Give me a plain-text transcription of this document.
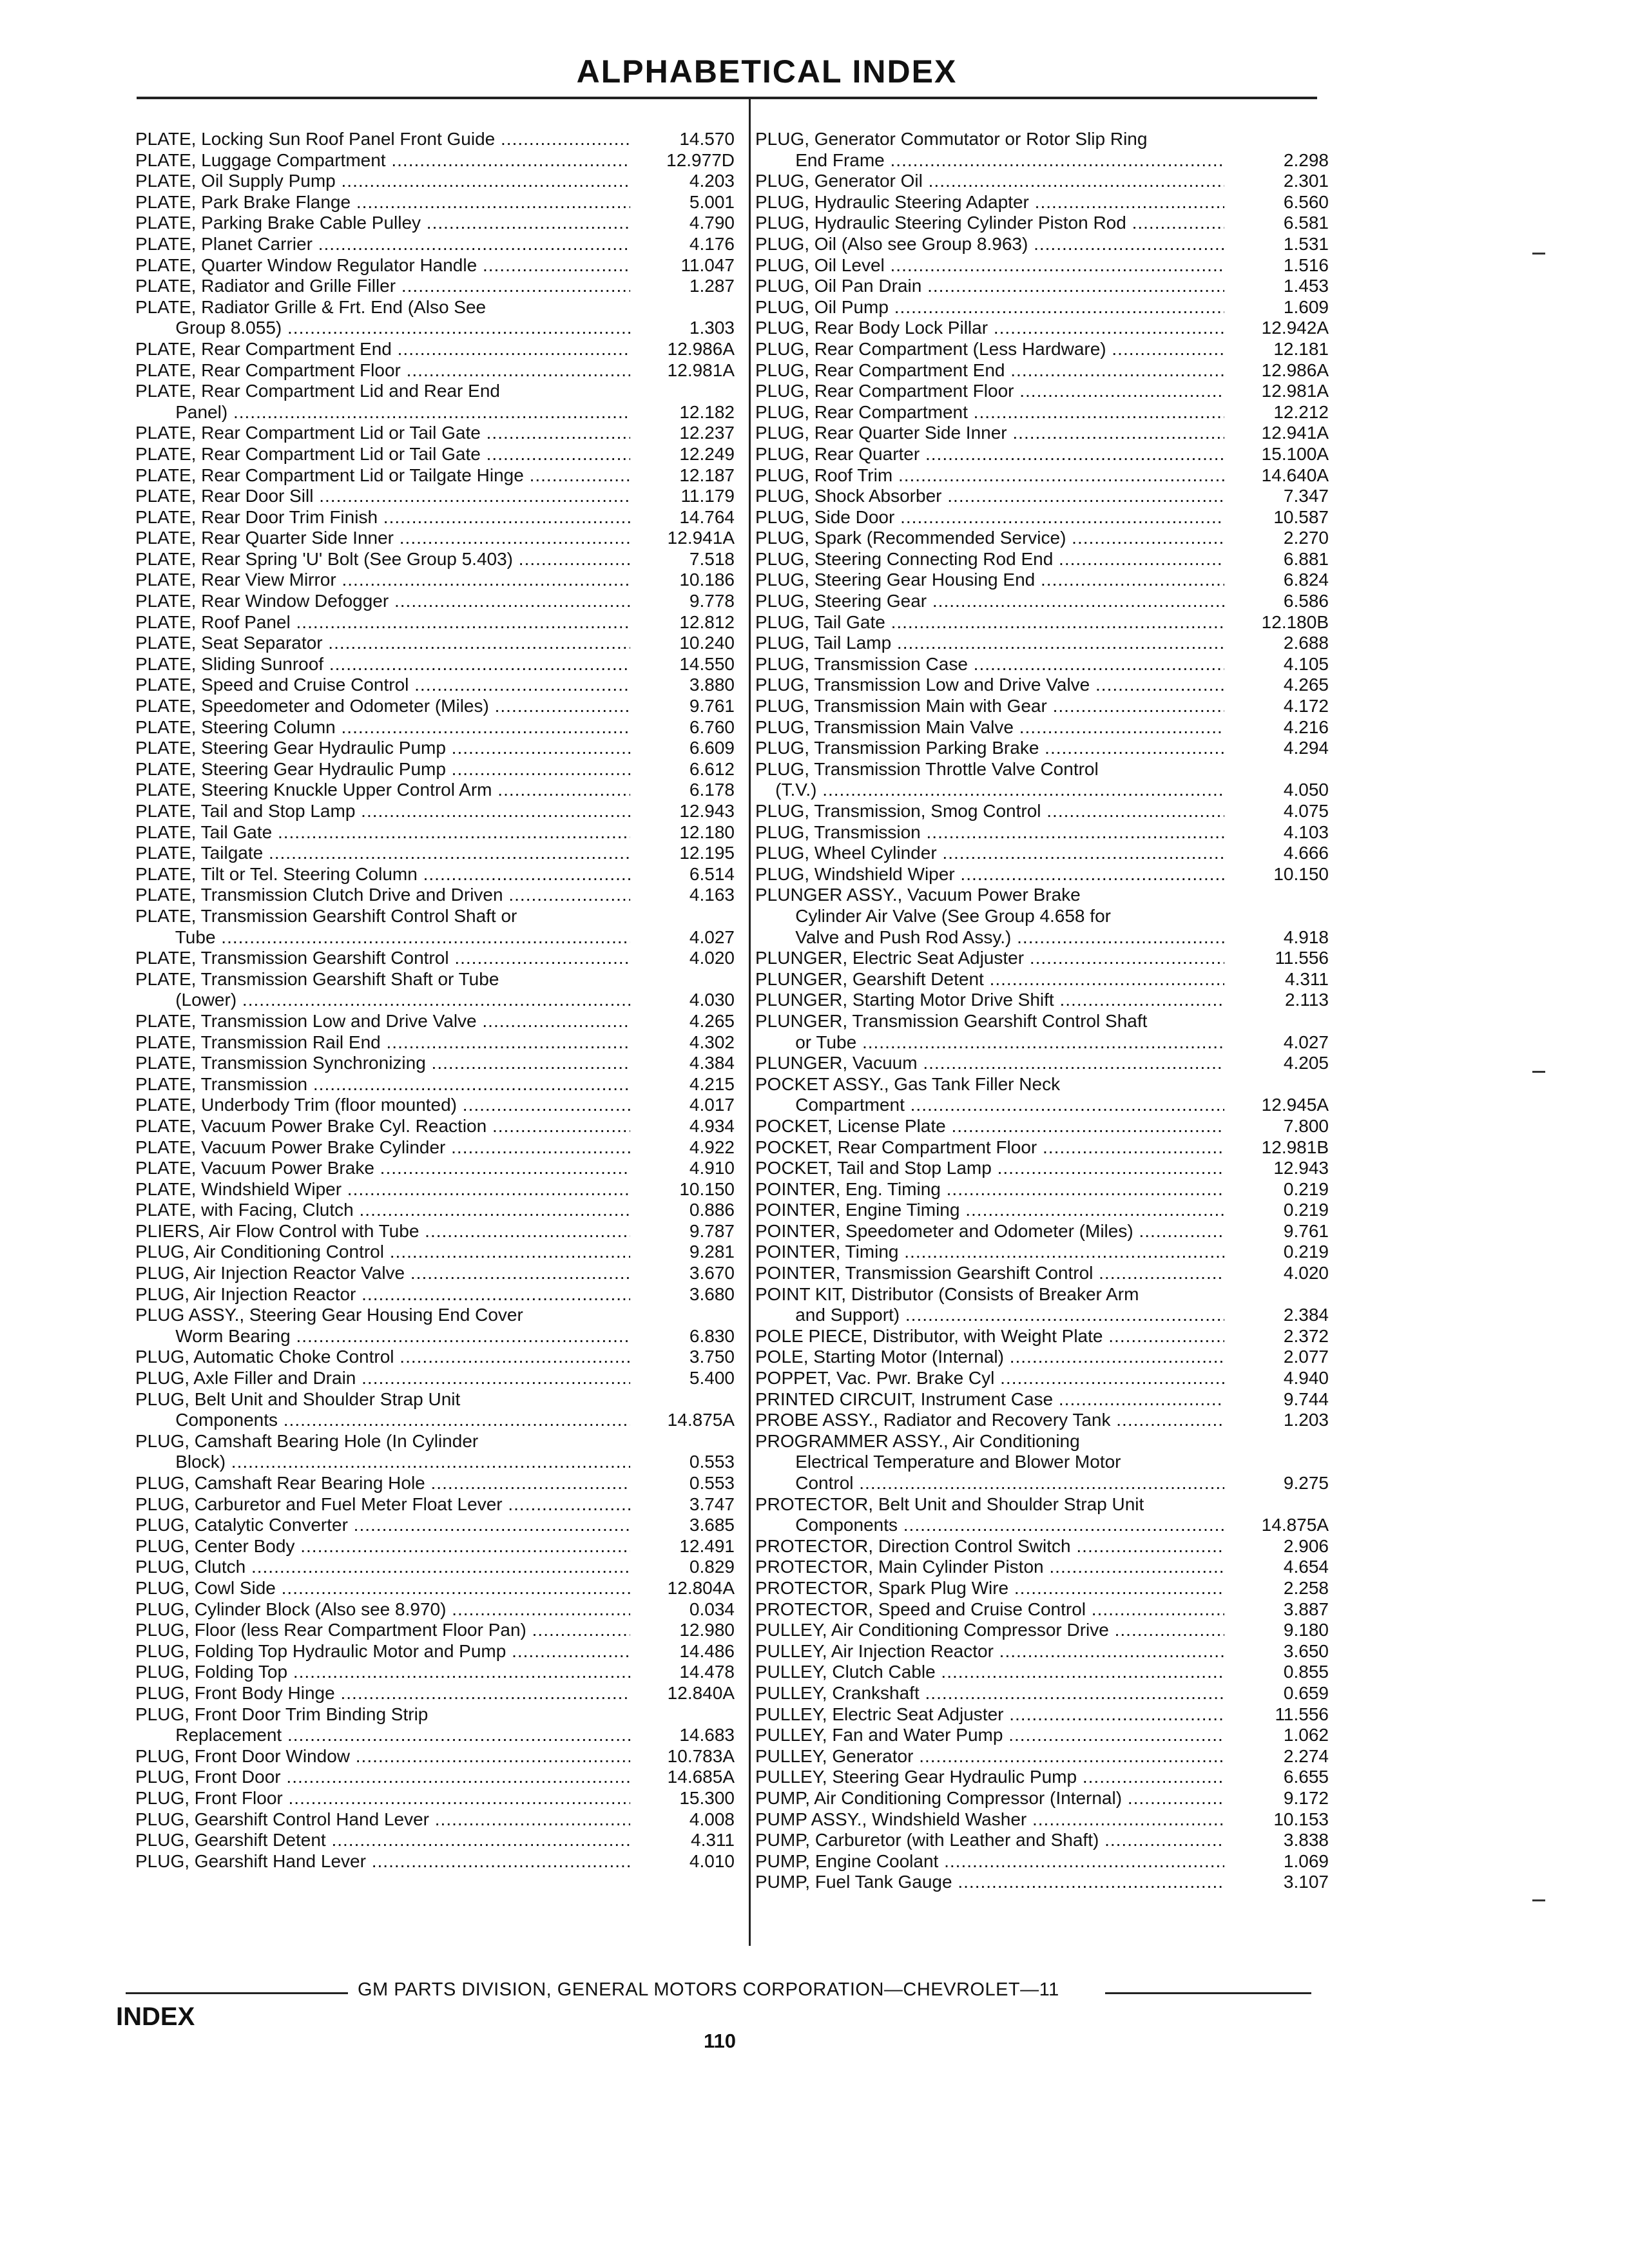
ALPHABETICAL INDEX
PLATE, Locking Sun Roof Panel Front Guide .....	14.570
PLATE, Luggage Compartment .....	12.977D
PLATE, Oil Supply Pump .....	4.203
PLATE, Park Brake Flange .....	5.001
PLATE, Parking Brake Cable Pulley .....	4.790
PLATE, Planet Carrier .....	4.176
PLATE, Quarter Window Regulator Handle .....	11.047
PLATE, Radiator and Grille Filler .....	1.287
PLATE, Radiator Grille & Frt. End (Also See
Group 8.055) .....	1.303
PLATE, Rear Compartment End .....	12.986A
PLATE, Rear Compartment Floor .....	12.981A
PLATE, Rear Compartment Lid and Rear End
Panel) .....	12.182
PLATE, Rear Compartment Lid or Tail Gate .....	12.237
PLATE, Rear Compartment Lid or Tail Gate .....	12.249
PLATE, Rear Compartment Lid or Tailgate Hinge .....	12.187
PLATE, Rear Door Sill .....	11.179
PLATE, Rear Door Trim Finish .....	14.764
PLATE, Rear Quarter Side Inner .....	12.941A
PLATE, Rear Spring 'U' Bolt (See Group 5.403) .....	7.518
PLATE, Rear View Mirror .....	10.186
PLATE, Rear Window Defogger .....	9.778
PLATE, Roof Panel .....	12.812
PLATE, Seat Separator .....	10.240
PLATE, Sliding Sunroof .....	14.550
PLATE, Speed and Cruise Control .....	3.880
PLATE, Speedometer and Odometer (Miles) .....	9.761
PLATE, Steering Column .....	6.760
PLATE, Steering Gear Hydraulic Pump .....	6.609
PLATE, Steering Gear Hydraulic Pump .....	6.612
PLATE, Steering Knuckle Upper Control Arm .....	6.178
PLATE, Tail and Stop Lamp .....	12.943
PLATE, Tail Gate .....	12.180
PLATE, Tailgate .....	12.195
PLATE, Tilt or Tel. Steering Column .....	6.514
PLATE, Transmission Clutch Drive and Driven .....	4.163
PLATE, Transmission Gearshift Control Shaft or
Tube .....	4.027
PLATE, Transmission Gearshift Control .....	4.020
PLATE, Transmission Gearshift Shaft or Tube
(Lower) .....	4.030
PLATE, Transmission Low and Drive Valve .....	4.265
PLATE, Transmission Rail End .....	4.302
PLATE, Transmission Synchronizing .....	4.384
PLATE, Transmission .....	4.215
PLATE, Underbody Trim (floor mounted) .....	4.017
PLATE, Vacuum Power Brake Cyl. Reaction .....	4.934
PLATE, Vacuum Power Brake Cylinder .....	4.922
PLATE, Vacuum Power Brake .....	4.910
PLATE, Windshield Wiper .....	10.150
PLATE, with Facing, Clutch .....	0.886
PLIERS, Air Flow Control with Tube .....	9.787
PLUG, Air Conditioning Control .....	9.281
PLUG, Air Injection Reactor Valve .....	3.670
PLUG, Air Injection Reactor .....	3.680
PLUG ASSY., Steering Gear Housing End Cover
Worm Bearing .....	6.830
PLUG, Automatic Choke Control .....	3.750
PLUG, Axle Filler and Drain .....	5.400
PLUG, Belt Unit and Shoulder Strap Unit
Components .....	14.875A
PLUG, Camshaft Bearing Hole (In Cylinder
Block) .....	0.553
PLUG, Camshaft Rear Bearing Hole .....	0.553
PLUG, Carburetor and Fuel Meter Float Lever .....	3.747
PLUG, Catalytic Converter .....	3.685
PLUG, Center Body .....	12.491
PLUG, Clutch .....	0.829
PLUG, Cowl Side .....	12.804A
PLUG, Cylinder Block (Also see 8.970) .....	0.034
PLUG, Floor (less Rear Compartment Floor Pan) .....	12.980
PLUG, Folding Top Hydraulic Motor and Pump .....	14.486
PLUG, Folding Top .....	14.478
PLUG, Front Body Hinge .....	12.840A
PLUG, Front Door Trim Binding Strip
Replacement .....	14.683
PLUG, Front Door Window .....	10.783A
PLUG, Front Door .....	14.685A
PLUG, Front Floor .....	15.300
PLUG, Gearshift Control Hand Lever .....	4.008
PLUG, Gearshift Detent .....	4.311
PLUG, Gearshift Hand Lever .....	4.010
PLUG, Generator Commutator or Rotor Slip Ring
End Frame .....	2.298
PLUG, Generator Oil .....	2.301
PLUG, Hydraulic Steering Adapter .....	6.560
PLUG, Hydraulic Steering Cylinder Piston Rod .....	6.581
PLUG, Oil (Also see Group 8.963) .....	1.531
PLUG, Oil Level .....	1.516
PLUG, Oil Pan Drain .....	1.453
PLUG, Oil Pump .....	1.609
PLUG, Rear Body Lock Pillar .....	12.942A
PLUG, Rear Compartment (Less Hardware) .....	12.181
PLUG, Rear Compartment End .....	12.986A
PLUG, Rear Compartment Floor .....	12.981A
PLUG, Rear Compartment .....	12.212
PLUG, Rear Quarter Side Inner .....	12.941A
PLUG, Rear Quarter .....	15.100A
PLUG, Roof Trim .....	14.640A
PLUG, Shock Absorber .....	7.347
PLUG, Side Door .....	10.587
PLUG, Spark (Recommended Service) .....	2.270
PLUG, Steering Connecting Rod End .....	6.881
PLUG, Steering Gear Housing End .....	6.824
PLUG, Steering Gear .....	6.586
PLUG, Tail Gate .....	12.180B
PLUG, Tail Lamp .....	2.688
PLUG, Transmission Case .....	4.105
PLUG, Transmission Low and Drive Valve .....	4.265
PLUG, Transmission Main with Gear .....	4.172
PLUG, Transmission Main Valve .....	4.216
PLUG, Transmission Parking Brake .....	4.294
PLUG, Transmission Throttle Valve Control
(T.V.) .....	4.050
PLUG, Transmission, Smog Control .....	4.075
PLUG, Transmission .....	4.103
PLUG, Wheel Cylinder .....	4.666
PLUG, Windshield Wiper .....	10.150
PLUNGER ASSY., Vacuum Power Brake
Cylinder Air Valve (See Group 4.658 for
Valve and Push Rod Assy.) .....	4.918
PLUNGER, Electric Seat Adjuster .....	11.556
PLUNGER, Gearshift Detent .....	4.311
PLUNGER, Starting Motor Drive Shift .....	2.113
PLUNGER, Transmission Gearshift Control Shaft
or Tube .....	4.027
PLUNGER, Vacuum .....	4.205
POCKET ASSY., Gas Tank Filler Neck
Compartment .....	12.945A
POCKET, License Plate .....	7.800
POCKET, Rear Compartment Floor .....	12.981B
POCKET, Tail and Stop Lamp .....	12.943
POINTER, Eng. Timing .....	0.219
POINTER, Engine Timing .....	0.219
POINTER, Speedometer and Odometer (Miles) .....	9.761
POINTER, Timing .....	0.219
POINTER, Transmission Gearshift Control .....	4.020
POINT KIT, Distributor (Consists of Breaker Arm
and Support) .....	2.384
POLE PIECE, Distributor, with Weight Plate .....	2.372
POLE, Starting Motor (Internal) .....	2.077
POPPET, Vac. Pwr. Brake Cyl .....	4.940
PRINTED CIRCUIT, Instrument Case .....	9.744
PROBE ASSY., Radiator and Recovery Tank .....	1.203
PROGRAMMER ASSY., Air Conditioning
Electrical Temperature and Blower Motor
Control .....	9.275
PROTECTOR, Belt Unit and Shoulder Strap Unit
Components .....	14.875A
PROTECTOR, Direction Control Switch .....	2.906
PROTECTOR, Main Cylinder Piston .....	4.654
PROTECTOR, Spark Plug Wire .....	2.258
PROTECTOR, Speed and Cruise Control .....	3.887
PULLEY, Air Conditioning Compressor Drive .....	9.180
PULLEY, Air Injection Reactor .....	3.650
PULLEY, Clutch Cable .....	0.855
PULLEY, Crankshaft .....	0.659
PULLEY, Electric Seat Adjuster .....	11.556
PULLEY, Fan and Water Pump .....	1.062
PULLEY, Generator .....	2.274
PULLEY, Steering Gear Hydraulic Pump .....	6.655
PUMP, Air Conditioning Compressor (Internal) .....	9.172
PUMP ASSY., Windshield Washer .....	10.153
PUMP, Carburetor (with Leather and Shaft) .....	3.838
PUMP, Engine Coolant .....	1.069
PUMP, Fuel Tank Gauge .....	3.107
GM PARTS DIVISION, GENERAL MOTORS CORPORATION—CHEVROLET—11
INDEX
110
